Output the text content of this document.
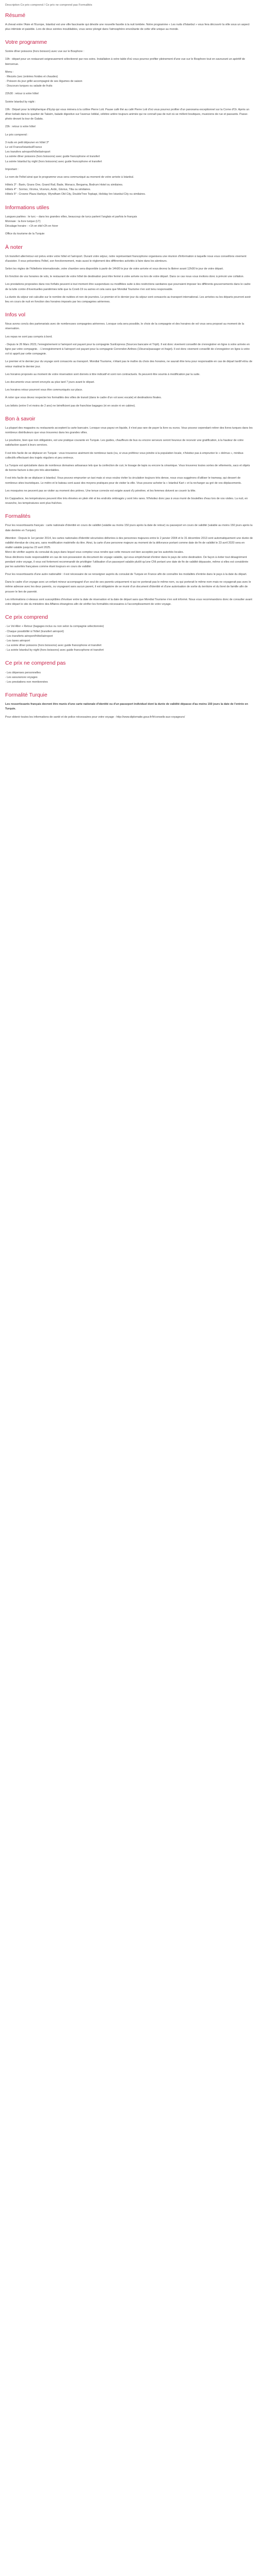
Description Ce prix comprend / Ce prix ne comprend pas Formalités
Résumé

A cheval entre l'Asie et l'Europe, Istanbul est une ville fascinante qui dévoile une nouvelle facette à la nuit tombée. Notre programme « Les nuits d'Istanbul » vous fera découvrir la ville sous un aspect plus intimiste et paisible. Lors de deux soirées inoubliables, vous serez plongé dans l'atmosphère envoûtante de cette ville unique au monde.

Votre programme

Soirée dîner poissons (hors boisson) avec vue sur le Bosphore :

19h : départ pour un restaurant soigneusement sélectionné par nos soins. Installation à votre table d'où vous pourrez profiter pleinement d'une vue sur le Bosphore tout en savourant un apéritif de bienvenue.

Menu :
· Mezzés (sec (entrées froides et chaudes)
· Poisson du jour grillé accompagné de ses légumes de saison
· Douceurs turques ou salade de fruits

22h30 : retour à votre hôtel

Soirée Istanbul by night :

19h : Départ pour la télépherique d'Eyüp qui vous mènera à la colline Pierre Loti. Pause café thé au café Pierre Loti d'où vous pourrez profiter d'un panorama exceptionnel sur la Corne d'Or. Après un dîner kebab dans le quartier de Taksim, balade digestive sur l'avenue Istiklal, célèbre artère toujours animée qui ne connaît pas de nuit où se mêlent boutiques, musiciens de rue et passants. Passe-photo devant la tour de Galata.

23h : retour à votre hôtel

Le prix comprend :

3 nuits en petit déjeuner en hôtel 3*
Le vol France/Istanbul/France
Les transfers aéroport/hôtel/aéroport
La soirée dîner poissons (hors boissons) avec guide francophone et transfert
La soirée Istanbul by night (hors boissons) avec guide francophone et transfert

Important :

Le nom de l'hôtel ainsi que le programme vous sera communiqué au moment de votre arrivée à Istanbul.

Hôtels 3* : Barin, Grans One, Grand Rail, Bade, Monaco, Bergama, Bodrum Hotel ou similaires.
Hôtels 4* : Sorriso, Viroma, Vicenzo, Ardic, Glorius, Tilia ou similaires.
Hôtels 5* : Crowne Plaza Harbiye, Wyndham Old City, DoubleTree Topkapi, Holiday Inn Istanbul City ou similaires.

Informations utiles

Langues parlées : le turc – dans les grandes villes, beaucoup de turcs parlent l'anglais et parfois le français
Monnaie : la livre turque (LT)
Décalage horaire : +1h en été/+2h en hiver

Office du tourisme de la Turquie

À noter

Un transfert aller/retour est prévu entre votre hôtel et l'aéroport. Durant votre séjour, notre représentant francophone organisera une réunion d'information à laquelle nous vous conseillons vivement d'assister. Il vous présentera l'hôtel, son fonctionnement, mais aussi le règlement des différentes activités à faire dans les alentours.

Selon les règles de l'hôtellerie internationale, votre chambre sera disponible à partir de 14h00 le jour de votre arrivée et vous devrez la libérer avant 12h00 le jour de votre départ.

En fonction de vos horaires de vols, le restaurant de votre hôtel de destination peut être fermé à votre arrivée ou lors de votre départ. Dans ce cas nous vous invitons donc à prévoir une collation.

Les prestations proposées dans nos forfaits peuvent à tout moment être suspendues ou modifiées suite à des restrictions sanitaires que pourraient imposer les différents gouvernements dans le cadre de la lutte contre d'éventuelles pandémies telle que la Covid-19 ou autres et cela sans que Mondial Tourisme n'en soit tenu responsable.

La durée du séjour est calculée sur le nombre de nuitées et non de journées. Le premier et le dernier jour du séjour sont consacrés au transport international. Les arrivées ou les départs pourront avoir lieu en cours de nuit en fonction des horaires imposés par les compagnies aériennes.

Infos vol

Nous avons conclu des partenariats avec de nombreuses compagnies aériennes. Lorsque cela sera possible, le choix de la compagnie et des horaires de vol vous sera proposé au moment de la réservation.

Les repas ne sont pas compris à bord.

- Depuis le 26 Mars 2023, l'enregistrement à l'aéroport est payant pour la compagnie SunExpress (Sources bancaire et Tripli). Il est donc vivement conseillé de s'enregistrer en ligne à votre arrivée en ligne par votre compagnie. - L'enregistrement à l'aéroport est payant pour la compagnie Correndon Airlines (10euros/passager et /trajet). Il est donc vivement conseillé de s'enregistrer en ligne à votre vol ici apprit par cette compagnie.

Le premier et le dernier jour du voyage sont consacrés au transport. Mondial Tourisme, n'étant pas le maître du choix des horaires, ne saurait être tenu pour responsable en cas de départ tardif et/ou de retour matinal le dernier jour.

Les horaires proposés au moment de votre réservation sont donnés à titre indicatif et sont non contractuels. Ils peuvent être soumis à modification par la suite.

Les documents vous seront envoyés au plus tard 7 jours avant le départ.

Les horaires retour pourront vous être communiqués sur place.

À noter que vous devez respecter les formalités des villes de transit (dans le cadre d'un vol avec escale) et destinations finales.

Les bébés (entre 0 et moins de 2 ans) ne bénéficient pas de franchise bagages (ni en soute ni en cabine).

Bon à savoir

La plupart des magasins ou restaurants acceptent la carte bancaire. Lorsque vous payez en liquide, il n'est pas rare de payer la livre ou euros. Vous pouvez cependant retirer des livres turques dans les nombreux distributeurs que vous trouverez dans les grandes villes.

Le pourboire, bien que non obligatoire, est une pratique courante en Turquie. Les guides, chauffeurs de bus ou encore serveurs seront heureux de recevoir une gratification, à la hauteur de votre satisfaction quant à leurs services.

Il est très facile de se déplacer en Turquie : vous trouverez aisément de nombreux taxis (ou, si vous préférez vous joindre à la population locale, n'hésitez pas à emprunter le « dolmus », minibus collectifs effectuant des trajets réguliers et peu onéreux.

La Turquie est spécialisée dans de nombreux domaines artisanaux tels que la confection de cuir, le tissage de tapis ou encore la céramique. Vous trouverez toutes sortes de vêtements, sacs et objets de bonne facture à des prix très abordables.

Il est très facile de se déplacer à Istanbul. Vous pouvez emprunter un taxi mais si vous voulez éviter la circulation toujours très dense, nous vous suggérons d'utiliser le tramway, qui dessert de nombreux sites touristiques. Le métro et le bateau sont aussi des moyens pratiques pour de visiter la ville. Vous pouvez acheter la « Istanbul Kart » et la recharger au gré de vos déplacements.

Les mosquées ne peuvent pas se visiter au moment des prières. Une tenue correcte est exigée avant d'y pénétrer, et les femmes doivent se couvrir la tête.

En Cappadoce, les températures peuvent être très élevées en plein été et les endroits ombragés y sont très rares. N'hésitez donc pas à vous munir de bouteilles d'eau lors de vos visites. La nuit, en revanche, les températures sont plus fraîches.

Formalités

Pour les ressortissants français : carte nationale d'identité en cours de validité (valable au moins 150 jours après la date de retour) ou passeport en cours de validité (valable au moins 150 jours après la date dentrée en Turquie).

Attention : Depuis le 1er janvier 2014, les cartes nationales d'identité sécurisées délivrées à des personnes majeures entre le 2 janvier 2004 et le 31 décembre 2013 sont automatiquement une durée de validité étendue de cinq ans, sans modification matérielle du titre. Ainsi, la carte d'une personne majeure au moment de la délivrance portant comme date de fin de validité le 23 avril 2020 sera en réalité valable jusqu'au 23 avril 2025.
Merci de vérifier auprès du consulat du pays dans lequel vous comptez vous rendre que cette mesure est bien acceptée par les autorités locales.
Nous déclinons toute responsabilité en cas de non-possession du document de voyage valable, qui vous empêcherait d'entrer dans le pays de votre destination. De façon à éviter tout désagrément pendant votre voyage, il vous est fortement recommandé de privilégier l'utilisation d'un passeport valable plutôt qu'une CNI portant une date de fin de validité dépassée, même si elles est considérée par les autorités françaises comme étant toujours en cours de validité.

Pour les ressortissants d'une autre nationalité : il est nécessaire de se renseigner auprès du consulat de Turquie en France afin de connaître les modalités d'entrée dans le pays à la date du départ.

Dans le cadre d'un voyage avec un enfant mineur accompagné d'un seul de ses parents uniquement ni qui ne porterait pas le même nom, ou qui porterait le même nom mais ne voyagerait pas avec le même adresse avec les deux parents, ou voyageant sans aucun parent, il est obligatoire de se munir d'un document d'identité et d'une autorisation de sortie du territoire et du livret de famille afin de prouver le lien de parenté.

Les informations ci-dessus sont susceptibles d'évoluer entre la date de réservation et la date de départ sans que Mondial Tourisme n'en soit informé. Nous vous recommandons donc de consulter avant votre départ le site du ministère des Affaires étrangères afin de vérifier les formalités nécessaires à l'accomplissement de votre voyage.

Ce prix comprend
- Le Vol Aller + Retour (bagages inclus ou non selon la compagnie sélectionnée)
- Chaque possibilité à l'hôtel (transfert aéroport)
- Les transferts aéroport/hôtel/aéroport
- Les taxes aéroport
- La soirée dîner poissons (hors boissons) avec guide francophone et transfert
- La soirée Istanbul by night (hors boissons) avec guide francophone et transfert
Ce prix ne comprend pas
- Les dépenses personnelles
- Les assurances voyages
- Les prestations non mentionnées
Formalité Turquie

Les ressortissants français devront être munis d'une carte nationale d'identité ou d'un passeport individuel dont la durée de validité dépasse d'au moins 150 jours la date de l'entrée en Turquie.

Pour obtenir toutes les informations de santé et de police nécessaires pour votre voyage : http://www.diplomatie.gouv.fr/fr/conseils-aux-voyageurs/
